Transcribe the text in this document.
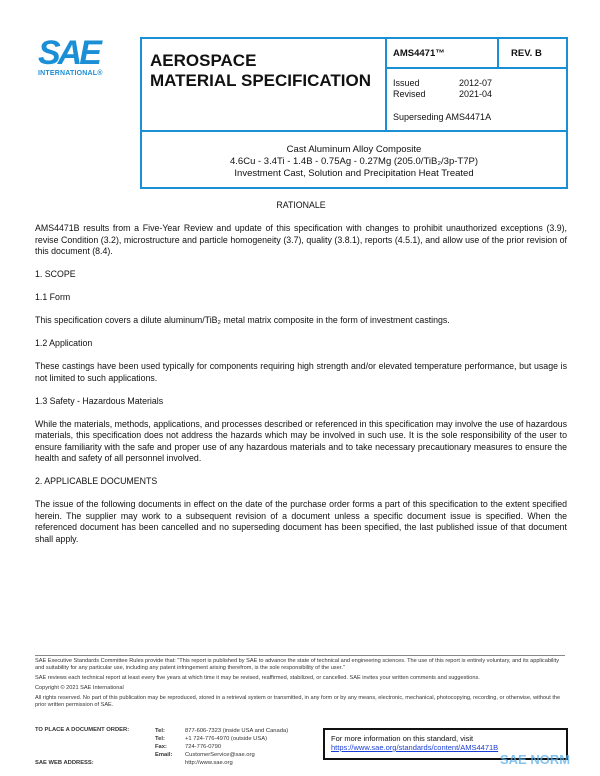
SAE
INTERNATIONAL®
AEROSPACE
MATERIAL SPECIFICATION
AMS4471™	REV. B
Issued	2012-07
Revised	2021-04
Superseding AMS4471A
Cast Aluminum Alloy Composite
4.6Cu - 3.4Ti - 1.4B - 0.75Ag - 0.27Mg (205.0/TiB₂/3p-T7P)
Investment Cast, Solution and Precipitation Heat Treated

RATIONALE

AMS4471B results from a Five-Year Review and update of this specification with changes to prohibit unauthorized exceptions (3.9), revise Condition (3.2), microstructure and particle homogeneity (3.7), quality (3.8.1), reports (4.5.1), and allow use of the prior revision of this document (8.4).

1. SCOPE
1.1 Form

This specification covers a dilute aluminum/TiB₂ metal matrix composite in the form of investment castings.

1.2 Application

These castings have been used typically for components requiring high strength and/or elevated temperature performance, but usage is not limited to such applications.

1.3 Safety - Hazardous Materials

While the materials, methods, applications, and processes described or referenced in this specification may involve the use of hazardous materials, this specification does not address the hazards which may be involved in such use. It is the sole responsibility of the user to ensure familiarity with the safe and proper use of any hazardous materials and to take necessary precautionary measures to ensure the health and safety of all personnel involved.

2. APPLICABLE DOCUMENTS

The issue of the following documents in effect on the date of the purchase order forms a part of this specification to the extent specified herein. The supplier may work to a subsequent revision of a document unless a specific document issue is specified. When the referenced document has been cancelled and no superseding document has been specified, the last published issue of that document shall apply.

SAE Executive Standards Committee Rules provide that: “This report is published by SAE to advance the state of technical and engineering sciences. The use of this report is entirely voluntary, and its applicability and suitability for any particular use, including any patent infringement arising therefrom, is the sole responsibility of the user.”

SAE reviews each technical report at least every five years at which time it may be revised, reaffirmed, stabilized, or cancelled. SAE invites your written comments and suggestions.

Copyright © 2021 SAE International

All rights reserved. No part of this publication may be reproduced, stored in a retrieval system or transmitted, in any form or by any means, electronic, mechanical, photocopying, recording, or otherwise, without the prior written permission of SAE.

TO PLACE A DOCUMENT ORDER:
SAE WEB ADDRESS:
Tel:	877-606-7323 (inside USA and Canada)
Tel:	+1 724-776-4970 (outside USA)
Fax:	724-776-0790
Email: CustomerService@sae.org
http://www.sae.org
For more information on this standard, visit
https://www.sae.org/standards/content/AMS4471B
SAE NORM
